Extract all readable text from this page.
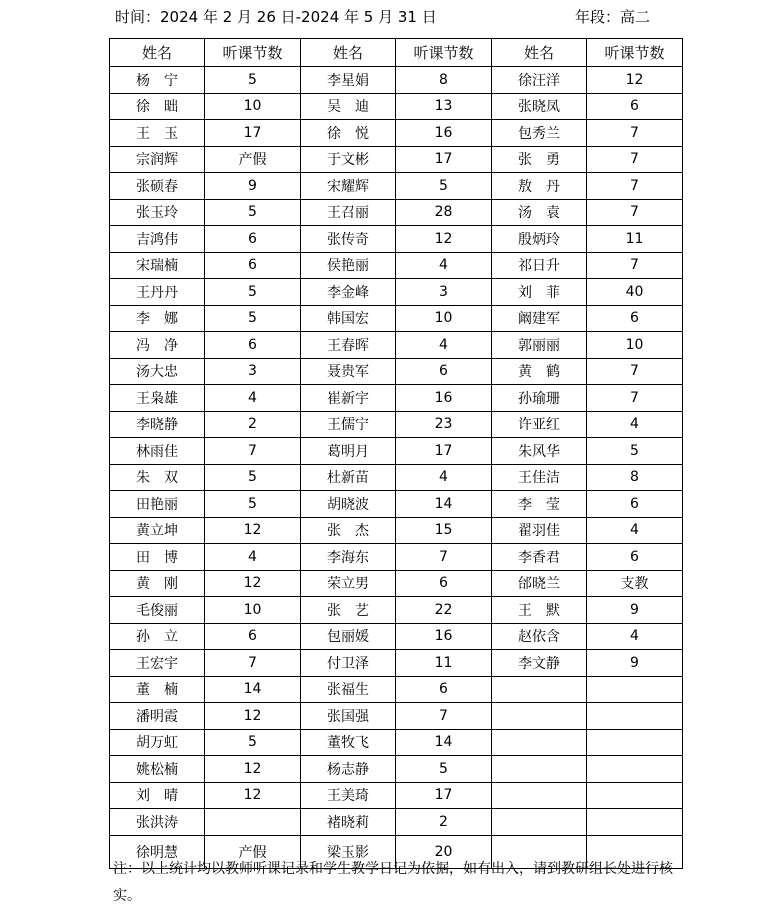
时间：2024 年 2 月 26 日-2024 年 5 月 31 日	年段：高二
姓名	听课节数	姓名	听课节数	姓名	听课节数
杨　宁	5	李星娟	8	徐汪洋	12
徐　昢	10	吴　迪	13	张晓凤	6
王　玉	17	徐　悦	16	包秀兰	7
宗润辉	产假	于文彬	17	张　勇	7
张硕春	9	宋耀辉	5	敖　丹	7
张玉玲	5	王召丽	28	汤　袁	7
吉鸿伟	6	张传奇	12	殷炳玲	11
宋瑞楠	6	侯艳丽	4	祁日升	7
王丹丹	5	李金峰	3	刘　菲	40
李　娜	5	韩国宏	10	阚建军	6
冯　净	6	王春晖	4	郭丽丽	10
汤大忠	3	聂贵军	6	黄　鹤	7
王枭雄	4	崔新宇	16	孙瑜珊	7
李晓静	2	王儒宁	23	许亚红	4
林雨佳	7	葛明月	17	朱风华	5
朱　双	5	杜新苗	4	王佳洁	8
田艳丽	5	胡晓波	14	李　莹	6
黄立坤	12	张　杰	15	翟羽佳	4
田　博	4	李海东	7	李香君	6
黄　刚	12	荣立男	6	邰晓兰	支教
毛俊丽	10	张　艺	22	王　默	9
孙　立	6	包丽媛	16	赵依含	4
王宏宇	7	付卫泽	11	李文静	9
董　楠	14	张福生	6		
潘明霞	12	张国强	7		
胡万虹	5	董牧飞	14		
姚松楠	12	杨志静	5		
刘　晴	12	王美琦	17		
张洪涛		褚晓莉	2		
徐明慧	产假	梁玉影	20		
注：以上统计均以教师听课记录和学生教学日记为依据，如有出入，请到教研组长处进行核实。
